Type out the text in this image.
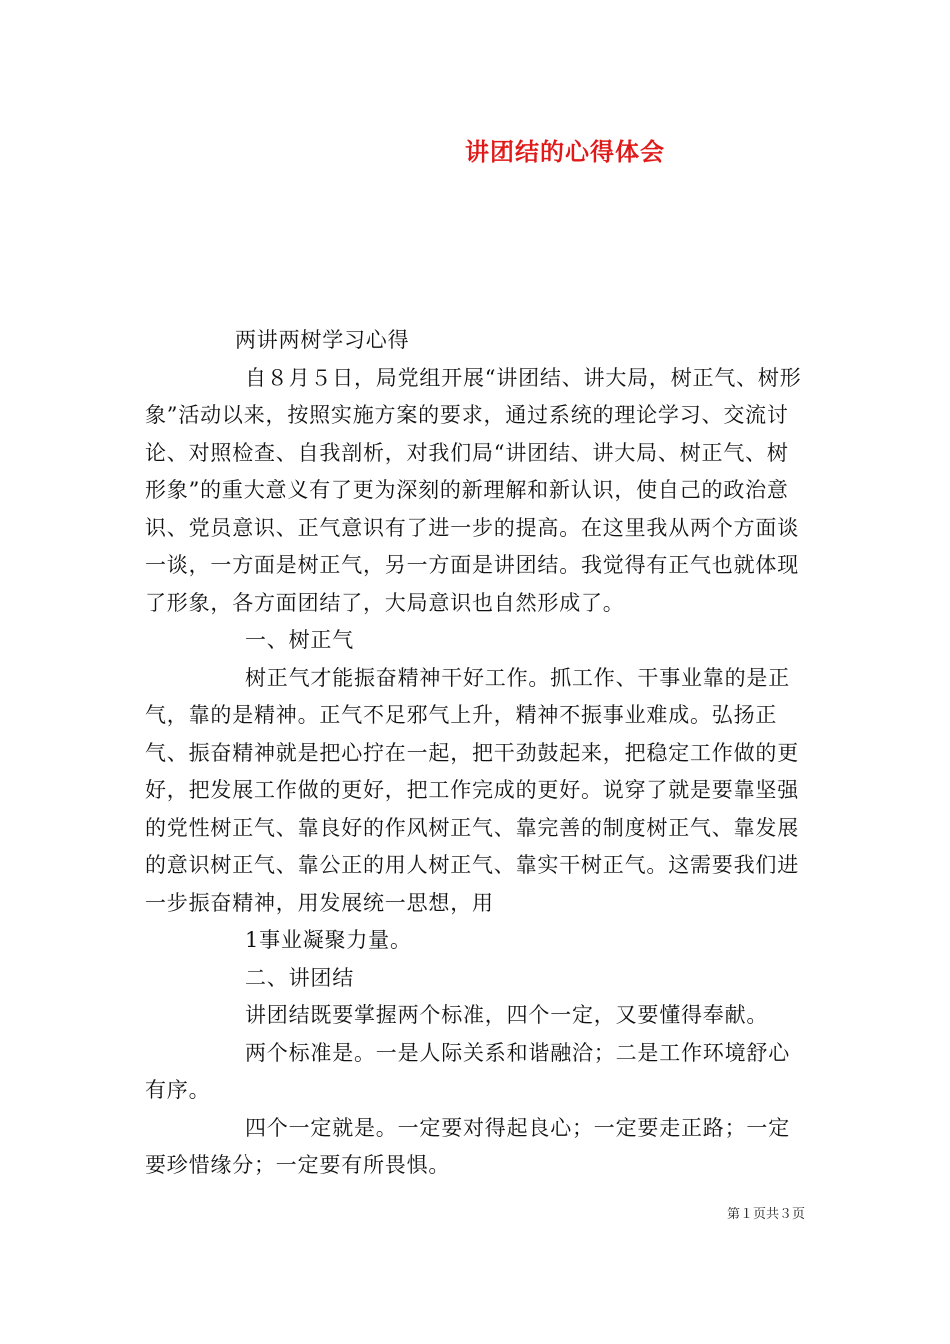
讲团结的心得体会

两讲两树学习心得

自８月５日，局党组开展“讲团结、讲大局，树正气、树形象”活动以来，按照实施方案的要求，通过系统的理论学习、交流讨论、对照检查、自我剖析，对我们局“讲团结、讲大局、树正气、树形象”的重大意义有了更为深刻的新理解和新认识，使自己的政治意识、党员意识、正气意识有了进一步的提高。在这里我从两个方面谈一谈，一方面是树正气，另一方面是讲团结。我觉得有正气也就体现了形象，各方面团结了，大局意识也自然形成了。

一、树正气

树正气才能振奋精神干好工作。抓工作、干事业靠的是正气，靠的是精神。正气不足邪气上升，精神不振事业难成。弘扬正气、振奋精神就是把心拧在一起，把干劲鼓起来，把稳定工作做的更好，把发展工作做的更好，把工作完成的更好。说穿了就是要靠坚强的党性树正气、靠良好的作风树正气、靠完善的制度树正气、靠发展的意识树正气、靠公正的用人树正气、靠实干树正气。这需要我们进一步振奋精神，用发展统一思想，用

1事业凝聚力量。

二、讲团结

讲团结既要掌握两个标准，四个一定，又要懂得奉献。

两个标准是。一是人际关系和谐融洽；二是工作环境舒心有序。

四个一定就是。一定要对得起良心；一定要走正路；一定要珍惜缘分；一定要有所畏惧。

第１页共３页
